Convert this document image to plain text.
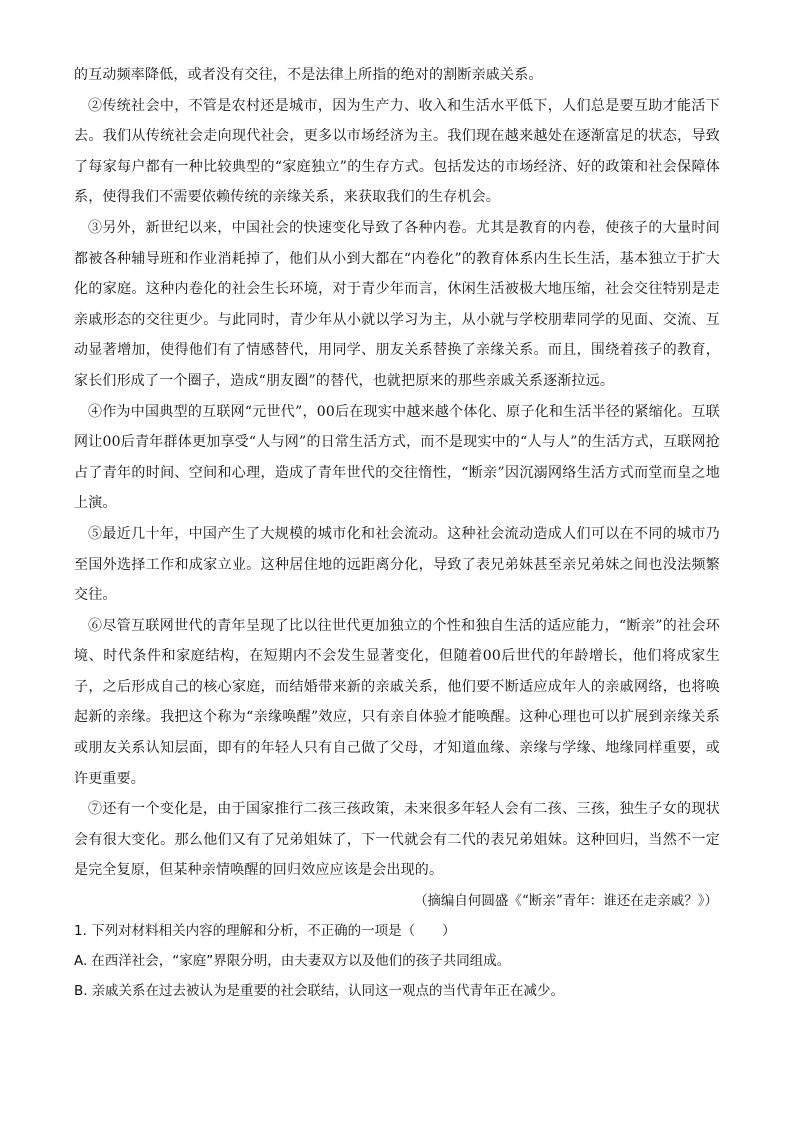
的互动频率降低，或者没有交往，不是法律上所指的绝对的割断亲戚关系。

②传统社会中，不管是农村还是城市，因为生产力、收入和生活水平低下，人们总是要互助才能活下去。我们从传统社会走向现代社会，更多以市场经济为主。我们现在越来越处在逐渐富足的状态，导致了每家每户都有一种比较典型的“家庭独立”的生存方式。包括发达的市场经济、好的政策和社会保障体系，使得我们不需要依赖传统的亲缘关系，来获取我们的生存机会。

③另外，新世纪以来，中国社会的快速变化导致了各种内卷。尤其是教育的内卷，使孩子的大量时间都被各种辅导班和作业消耗掉了，他们从小到大都在“内卷化”的教育体系内生长生活，基本独立于扩大化的家庭。这种内卷化的社会生长环境，对于青少年而言，休闲生活被极大地压缩，社会交往特别是走亲戚形态的交往更少。与此同时，青少年从小就以学习为主，从小就与学校朋辈同学的见面、交流、互动显著增加，使得他们有了情感替代，用同学、朋友关系替换了亲缘关系。而且，围绕着孩子的教育，家长们形成了一个圈子，造成“朋友圈”的替代，也就把原来的那些亲戚关系逐渐拉远。

④作为中国典型的互联网“元世代”，00后在现实中越来越个体化、原子化和生活半径的紧缩化。互联网让00后青年群体更加享受“人与网”的日常生活方式，而不是现实中的“人与人”的生活方式，互联网抢占了青年的时间、空间和心理，造成了青年世代的交往惰性，“断亲”因沉溺网络生活方式而堂而皇之地上演。

⑤最近几十年，中国产生了大规模的城市化和社会流动。这种社会流动造成人们可以在不同的城市乃至国外选择工作和成家立业。这种居住地的远距离分化，导致了表兄弟妹甚至亲兄弟妹之间也没法频繁交往。

⑥尽管互联网世代的青年呈现了比以往世代更加独立的个性和独自生活的适应能力，“断亲”的社会环境、时代条件和家庭结构，在短期内不会发生显著变化，但随着00后世代的年龄增长，他们将成家生子，之后形成自己的核心家庭，而结婚带来新的亲戚关系，他们要不断适应成年人的亲戚网络，也将唤起新的亲缘。我把这个称为“亲缘唤醒”效应，只有亲自体验才能唤醒。这种心理也可以扩展到亲缘关系或朋友关系认知层面，即有的年轻人只有自己做了父母，才知道血缘、亲缘与学缘、地缘同样重要，或许更重要。

⑦还有一个变化是，由于国家推行二孩三孩政策，未来很多年轻人会有二孩、三孩，独生子女的现状会有很大变化。那么他们又有了兄弟姐妹了，下一代就会有二代的表兄弟姐妹。这种回归，当然不一定是完全复原，但某种亲情唤醒的回归效应应该是会出现的。

（摘编自何圆盛《“断亲”青年：谁还在走亲戚？》）

1. 下列对材料相关内容的理解和分析，不正确的一项是（　　）

A. 在西洋社会，“家庭”界限分明，由夫妻双方以及他们的孩子共同组成。

B. 亲戚关系在过去被认为是重要的社会联结，认同这一观点的当代青年正在减少。
